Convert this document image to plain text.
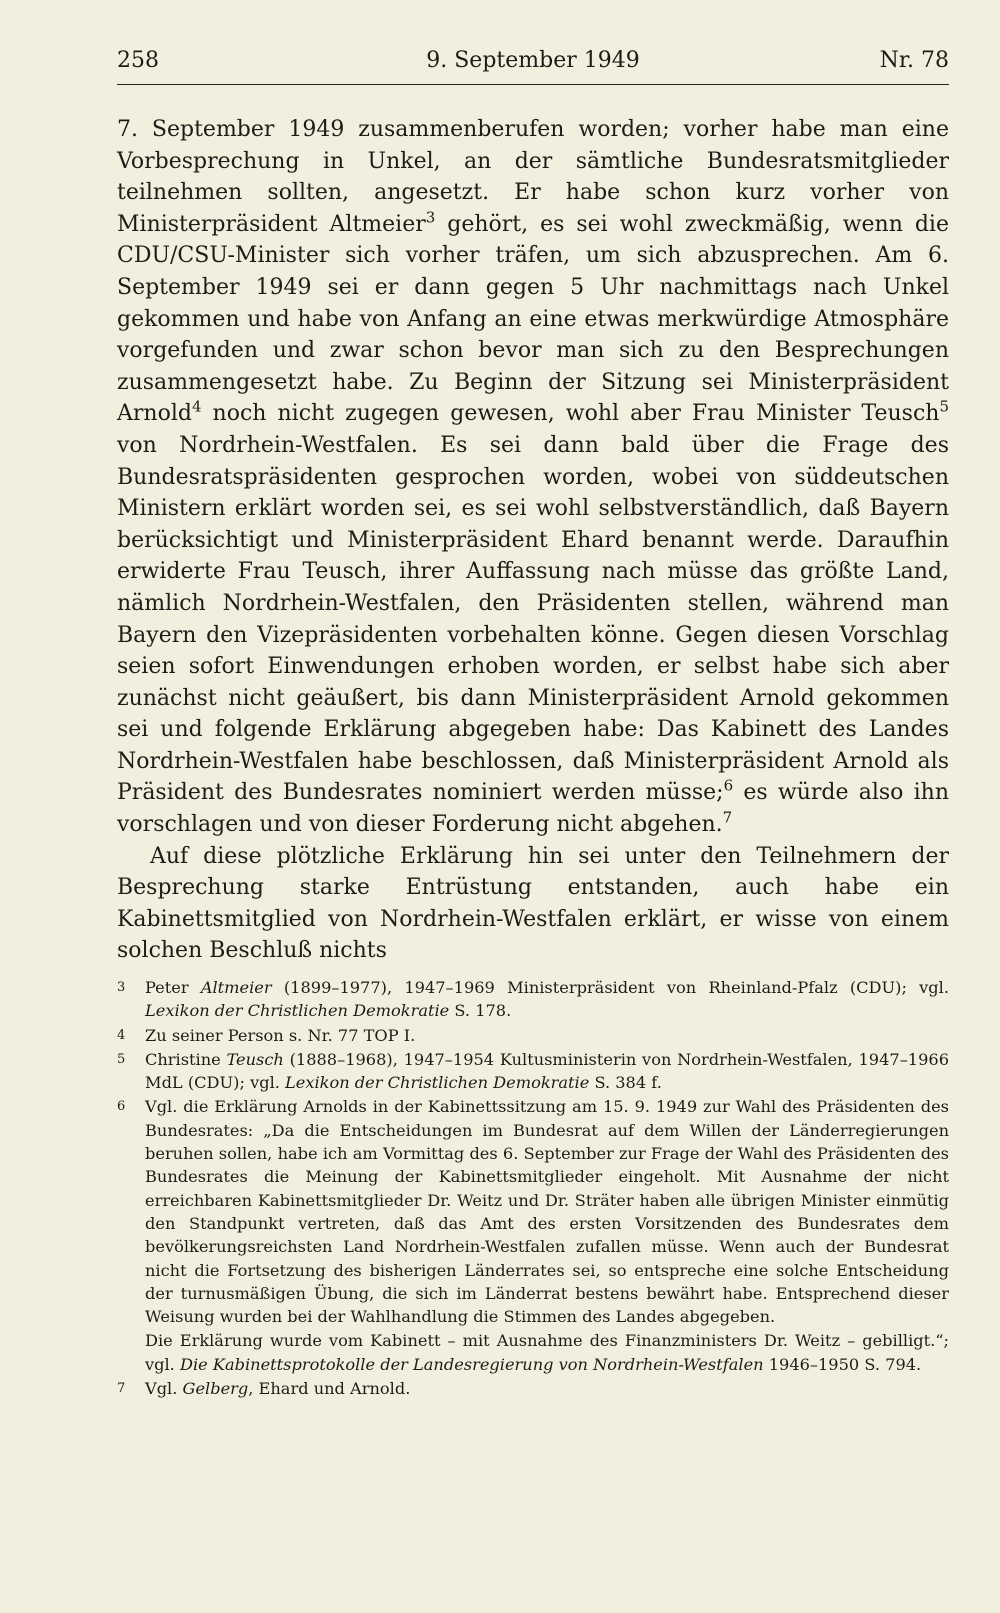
258	9. September 1949	Nr. 78

7. September 1949 zusammenberufen worden; vorher habe man eine Vorbesprechung in Unkel, an der sämtliche Bundesratsmitglieder teilnehmen sollten, angesetzt. Er habe schon kurz vorher von Ministerpräsident Altmeier$^3$ gehört, es sei wohl zweckmäßig, wenn die CDU/CSU-Minister sich vorher träfen, um sich abzusprechen. Am 6. September 1949 sei er dann gegen 5 Uhr nachmittags nach Unkel gekommen und habe von Anfang an eine etwas merkwürdige Atmosphäre vorgefunden und zwar schon bevor man sich zu den Besprechungen zusammengesetzt habe. Zu Beginn der Sitzung sei Ministerpräsident Arnold$^4$ noch nicht zugegen gewesen, wohl aber Frau Minister Teusch$^5$ von Nordrhein-Westfalen. Es sei dann bald über die Frage des Bundesratspräsidenten gesprochen worden, wobei von süddeutschen Ministern erklärt worden sei, es sei wohl selbstverständlich, daß Bayern berücksichtigt und Ministerpräsident Ehard benannt werde. Daraufhin erwiderte Frau Teusch, ihrer Auffassung nach müsse das größte Land, nämlich Nordrhein-Westfalen, den Präsidenten stellen, während man Bayern den Vizepräsidenten vorbehalten könne. Gegen diesen Vorschlag seien sofort Einwendungen erhoben worden, er selbst habe sich aber zunächst nicht geäußert, bis dann Ministerpräsident Arnold gekommen sei und folgende Erklärung abgegeben habe: Das Kabinett des Landes Nordrhein-Westfalen habe beschlossen, daß Ministerpräsident Arnold als Präsident des Bundesrates nominiert werden müsse;$^6$ es würde also ihn vorschlagen und von dieser Forderung nicht abgehen.$^7$

Auf diese plötzliche Erklärung hin sei unter den Teilnehmern der Besprechung starke Entrüstung entstanden, auch habe ein Kabinettsmitglied von Nordrhein-Westfalen erklärt, er wisse von einem solchen Beschluß nichts

3 Peter Altmeier (1899–1977), 1947–1969 Ministerpräsident von Rheinland-Pfalz (CDU); vgl. Lexikon der Christlichen Demokratie S. 178.
4 Zu seiner Person s. Nr. 77 TOP I.
5 Christine Teusch (1888–1968), 1947–1954 Kultusministerin von Nordrhein-Westfalen, 1947–1966 MdL (CDU); vgl. Lexikon der Christlichen Demokratie S. 384 f.
6 Vgl. die Erklärung Arnolds in der Kabinettssitzung am 15. 9. 1949 zur Wahl des Präsidenten des Bundesrates: „Da die Entscheidungen im Bundesrat auf dem Willen der Länderregierungen beruhen sollen, habe ich am Vormittag des 6. September zur Frage der Wahl des Präsidenten des Bundesrates die Meinung der Kabinettsmitglieder eingeholt. Mit Ausnahme der nicht erreichbaren Kabinettsmitglieder Dr. Weitz und Dr. Sträter haben alle übrigen Minister einmütig den Standpunkt vertreten, daß das Amt des ersten Vorsitzenden des Bundesrates dem bevölkerungsreichsten Land Nordrhein-Westfalen zufallen müsse. Wenn auch der Bundesrat nicht die Fortsetzung des bisherigen Länderrates sei, so entspreche eine solche Entscheidung der turnusmäßigen Übung, die sich im Länderrat bestens bewährt habe. Entsprechend dieser Weisung wurden bei der Wahlhandlung die Stimmen des Landes abgegeben.

Die Erklärung wurde vom Kabinett – mit Ausnahme des Finanzministers Dr. Weitz – gebilligt.“; vgl. Die Kabinettsprotokolle der Landesregierung von Nordrhein-Westfalen 1946–1950 S. 794.

7 Vgl. Gelberg, Ehard und Arnold.
